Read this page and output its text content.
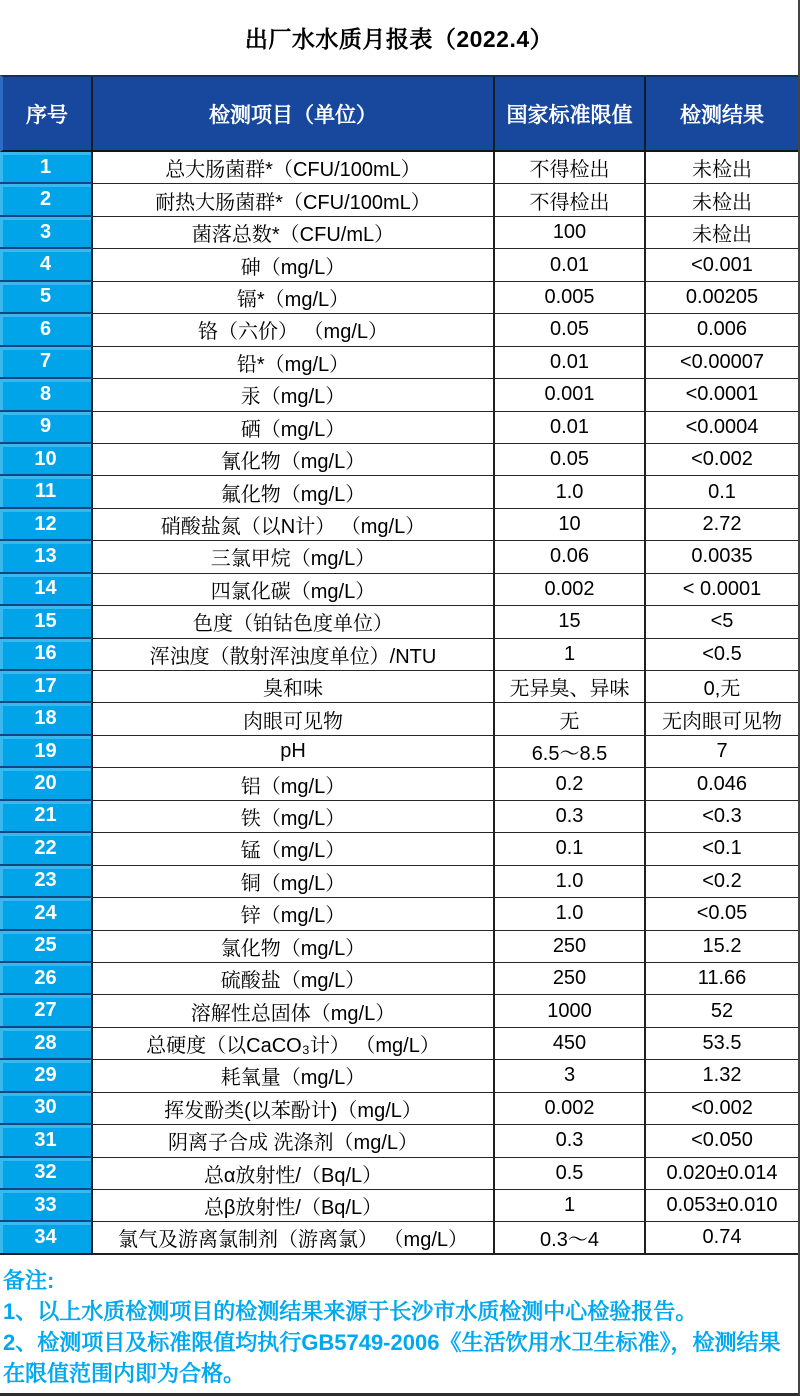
出厂水水质月报表（2022.4）
序号	检测项目（单位）	国家标准限值	检测结果
1	总大肠菌群*（CFU/100mL）	不得检出	未检出
2	耐热大肠菌群*（CFU/100mL）	不得检出	未检出
3	菌落总数*（CFU/mL）	100	未检出
4	砷（mg/L）	0.01	<0.001
5	镉*（mg/L）	0.005	0.00205
6	铬（六价） （mg/L）	0.05	0.006
7	铅*（mg/L）	0.01	<0.00007
8	汞（mg/L）	0.001	<0.0001
9	硒（mg/L）	0.01	<0.0004
10	氰化物（mg/L）	0.05	<0.002
11	氟化物（mg/L）	1.0	0.1
12	硝酸盐氮（以N计） （mg/L）	10	2.72
13	三氯甲烷（mg/L）	0.06	0.0035
14	四氯化碳（mg/L）	0.002	< 0.0001
15	色度（铂钴色度单位）	15	<5
16	浑浊度（散射浑浊度单位）/NTU	1	<0.5
17	臭和味	无异臭、异味	0,无
18	肉眼可见物	无	无肉眼可见物
19	pH	6.5～8.5	7
20	铝（mg/L）	0.2	0.046
21	铁（mg/L）	0.3	<0.3
22	锰（mg/L）	0.1	<0.1
23	铜（mg/L）	1.0	<0.2
24	锌（mg/L）	1.0	<0.05
25	氯化物（mg/L）	250	15.2
26	硫酸盐（mg/L）	250	11.66
27	溶解性总固体（mg/L）	1000	52
28	总硬度（以CaCO₃计） （mg/L）	450	53.5
29	耗氧量（mg/L）	3	1.32
30	挥发酚类(以苯酚计)（mg/L）	0.002	<0.002
31	阴离子合成 洗涤剂（mg/L）	0.3	<0.050
32	总α放射性/（Bq/L）	0.5	0.020±0.014
33	总β放射性/（Bq/L）	1	0.053±0.010
34	氯气及游离氯制剂（游离氯） （mg/L）	0.3～4	0.74
备注:
1、以上水质检测项目的检测结果来源于长沙市水质检测中心检验报告。
2、检测项目及标准限值均执行GB5749-2006《生活饮用水卫生标准》，检测结果在限值范围内即为合格。
